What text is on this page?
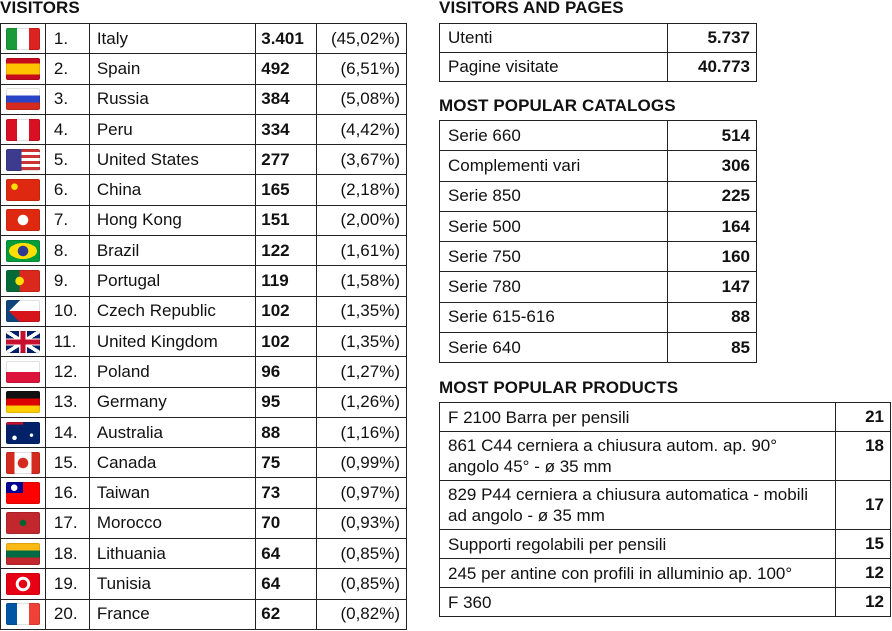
VISITORS
	1.	Italy	3.401	(45,02%)
	2.	Spain	492	(6,51%)
	3.	Russia	384	(5,08%)
	4.	Peru	334	(4,42%)
	5.	United States	277	(3,67%)
	6.	China	165	(2,18%)
	7.	Hong Kong	151	(2,00%)
	8.	Brazil	122	(1,61%)
	9.	Portugal	119	(1,58%)
	10.	Czech Republic	102	(1,35%)
	11.	United Kingdom	102	(1,35%)
	12.	Poland	96	(1,27%)
	13.	Germany	95	(1,26%)
	14.	Australia	88	(1,16%)
	15.	Canada	75	(0,99%)
	16.	Taiwan	73	(0,97%)
	17.	Morocco	70	(0,93%)
	18.	Lithuania	64	(0,85%)
	19.	Tunisia	64	(0,85%)
	20.	France	62	(0,82%)
VISITORS AND PAGES
Utenti	5.737
Pagine visitate	40.773
MOST POPULAR CATALOGS
Serie 660	514
Complementi vari	306
Serie 850	225
Serie 500	164
Serie 750	160
Serie 780	147
Serie 615-616	88
Serie 640	85
MOST POPULAR PRODUCTS
F 2100 Barra per pensili	21
861 C44 cerniera a chiusura autom. ap. 90° angolo 45° - ø 35 mm	18
829 P44 cerniera a chiusura automatica - mobili ad angolo - ø 35 mm	17
Supporti regolabili per pensili	15
245 per antine con profili in alluminio ap. 100°	12
F 360	12
